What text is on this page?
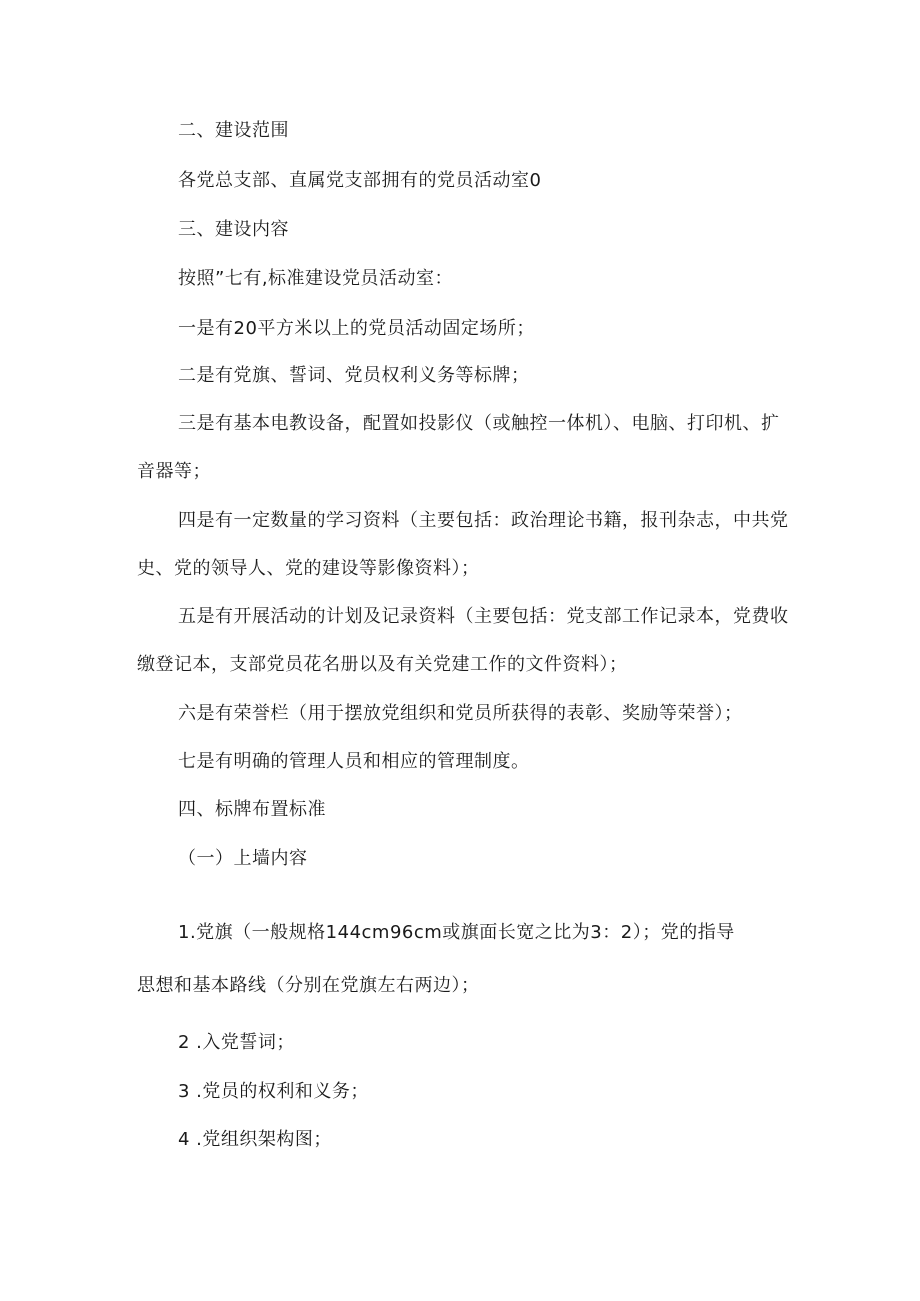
二、建设范围

各党总支部、直属党支部拥有的党员活动室0

三、建设内容

按照”七有,标准建设党员活动室：

一是有20平方米以上的党员活动固定场所；

二是有党旗、誓词、党员权利义务等标牌；

三是有基本电教设备，配置如投影仪（或触控一体机）、电脑、打印机、扩

音器等；

四是有一定数量的学习资料（主要包括：政治理论书籍，报刊杂志，中共党

史、党的领导人、党的建设等影像资料）；

五是有开展活动的计划及记录资料（主要包括：党支部工作记录本，党费收

缴登记本，支部党员花名册以及有关党建工作的文件资料）；

六是有荣誉栏（用于摆放党组织和党员所获得的表彰、奖励等荣誉）；

七是有明确的管理人员和相应的管理制度。

四、标牌布置标准

（一）上墙内容

1.党旗（一般规格144cm96cm或旗面长宽之比为3：2）；党的指导

思想和基本路线（分别在党旗左右两边）；

2 .入党誓词；

3 .党员的权利和义务；

4 .党组织架构图；
